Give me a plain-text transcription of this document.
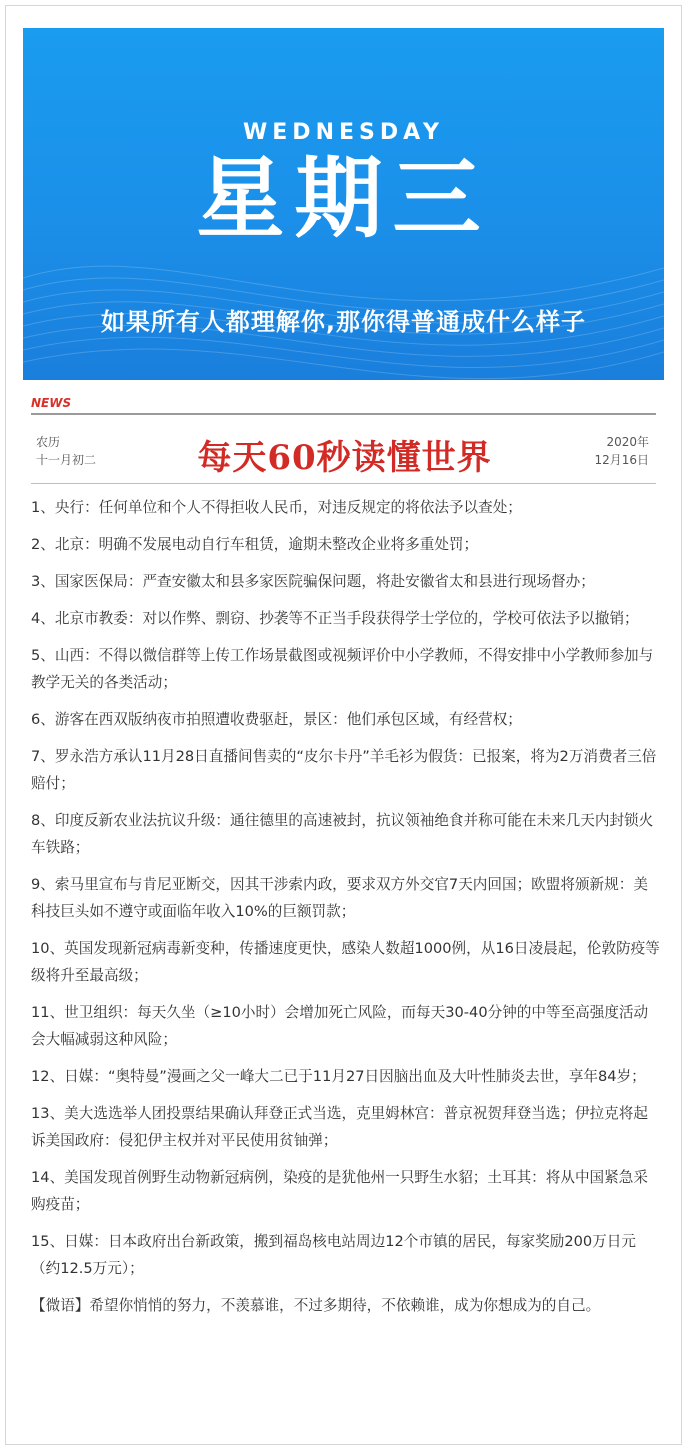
WEDNESDAY
星期三
如果所有人都理解你,那你得普通成什么样子
NEWS
农历
十一月初二	每天60秒读懂世界	2020年
12月16日

1、央行：任何单位和个人不得拒收人民币，对违反规定的将依法予以查处；

2、北京：明确不发展电动自行车租赁，逾期未整改企业将多重处罚；

3、国家医保局：严查安徽太和县多家医院骗保问题，将赴安徽省太和县进行现场督办；

4、北京市教委：对以作弊、剽窃、抄袭等不正当手段获得学士学位的，学校可依法予以撤销；

5、山西：不得以微信群等上传工作场景截图或视频评价中小学教师，不得安排中小学教师参加与教学无关的各类活动；

6、游客在西双版纳夜市拍照遭收费驱赶，景区：他们承包区域，有经营权；

7、罗永浩方承认11月28日直播间售卖的“皮尔卡丹”羊毛衫为假货：已报案，将为2万消费者三倍赔付；

8、印度反新农业法抗议升级：通往德里的高速被封，抗议领袖绝食并称可能在未来几天内封锁火车铁路；

9、索马里宣布与肯尼亚断交，因其干涉索内政，要求双方外交官7天内回国；欧盟将颁新规：美科技巨头如不遵守或面临年收入10%的巨额罚款；

10、英国发现新冠病毒新变种，传播速度更快，感染人数超1000例，从16日凌晨起，伦敦防疫等级将升至最高级；

11、世卫组织：每天久坐（≥10小时）会增加死亡风险，而每天30-40分钟的中等至高强度活动会大幅减弱这种风险；

12、日媒：“奥特曼”漫画之父一峰大二已于11月27日因脑出血及大叶性肺炎去世，享年84岁；

13、美大选选举人团投票结果确认拜登正式当选，克里姆林宫：普京祝贺拜登当选；伊拉克将起诉美国政府：侵犯伊主权并对平民使用贫铀弹；

14、美国发现首例野生动物新冠病例，染疫的是犹他州一只野生水貂；土耳其：将从中国紧急采购疫苗；

15、日媒：日本政府出台新政策，搬到福岛核电站周边12个市镇的居民，每家奖励200万日元（约12.5万元）；

【微语】希望你悄悄的努力，不羡慕谁，不过多期待，不依赖谁，成为你想成为的自己。
